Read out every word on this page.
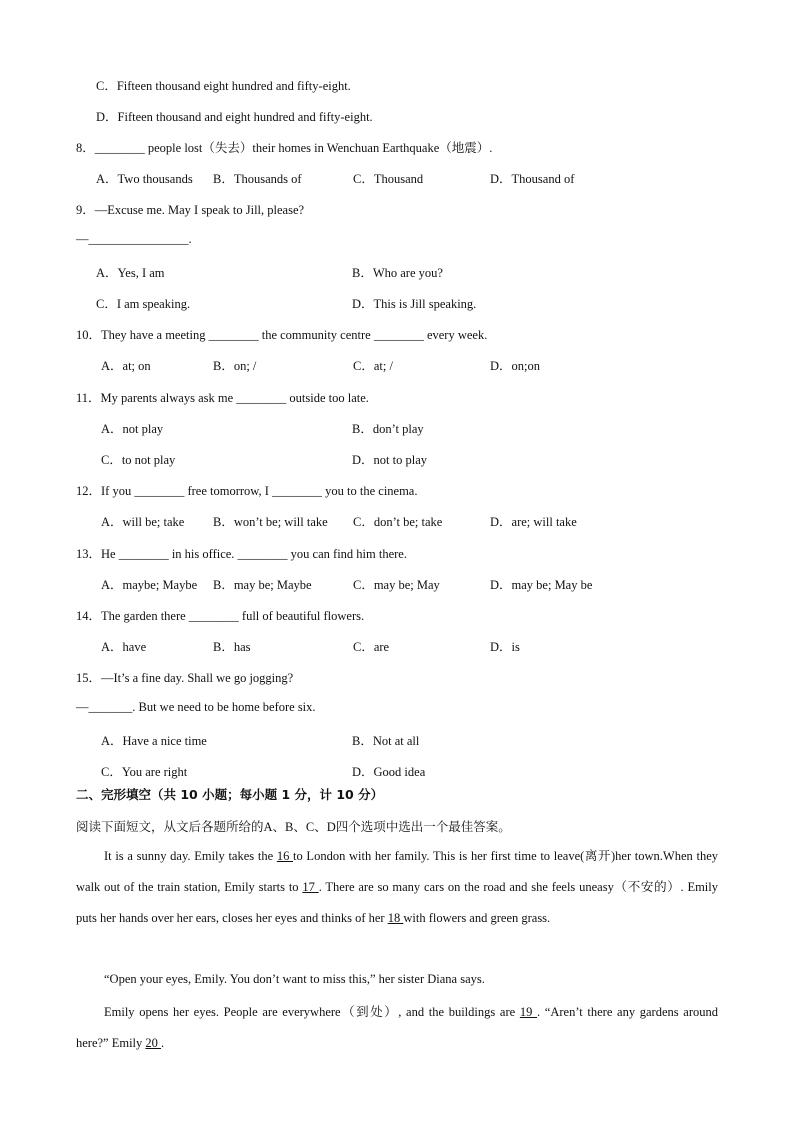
C．Fifteen thousand eight hundred and fifty-eight.
D．Fifteen thousand and eight hundred and fifty-eight.
8．________ people lost（失去）their homes in Wenchuan Earthquake（地震）.
A．Two thousands B．Thousands of	C．Thousand	D．Thousand of
9．—Excuse me. May I speak to Jill, please?
—________________.
A．Yes, I am	B．Who are you?
C．I am speaking.	D．This is Jill speaking.
10．They have a meeting ________ the community centre ________ every week.
A．at; on	B．on; /	C．at; /	D．on;on
11．My parents always ask me ________ outside too late.
A．not play	B．don’t play
C．to not play	D．not to play
12．If you ________ free tomorrow, I ________ you to the cinema.
A．will be; take B．won’t be; will take C．don’t be; take	D．are; will take
13．He ________ in his office. ________ you can find him there.
A．maybe; Maybe B．may be; Maybe	C．may be; May	D．may be; May be
14．The garden there ________ full of beautiful flowers.
A．have	B．has	C．are	D．is
15．—It’s a fine day. Shall we go jogging?
—_______. But we need to be home before six.
A．Have a nice time	B．Not at all
C．You are right	D．Good idea
二、完形填空（共 10 小题；每小题 1 分，计 10 分）
阅读下面短文，从文后各题所给的A、B、C、D四个选项中选出一个最佳答案。
It is a sunny day. Emily takes the 16 to London with her family. This is her first time to leave(离开)her town.When they walk out of the train station, Emily starts to 17 . There are so many cars on the road and she feels uneasy（不安的）. Emily puts her hands over her ears, closes her eyes and thinks of her 18 with flowers and green grass.
“Open your eyes, Emily. You don’t want to miss this,” her sister Diana says.
Emily opens her eyes. People are everywhere（到处）, and the buildings are 19 . “Aren’t there any gardens around here?” Emily 20 .
